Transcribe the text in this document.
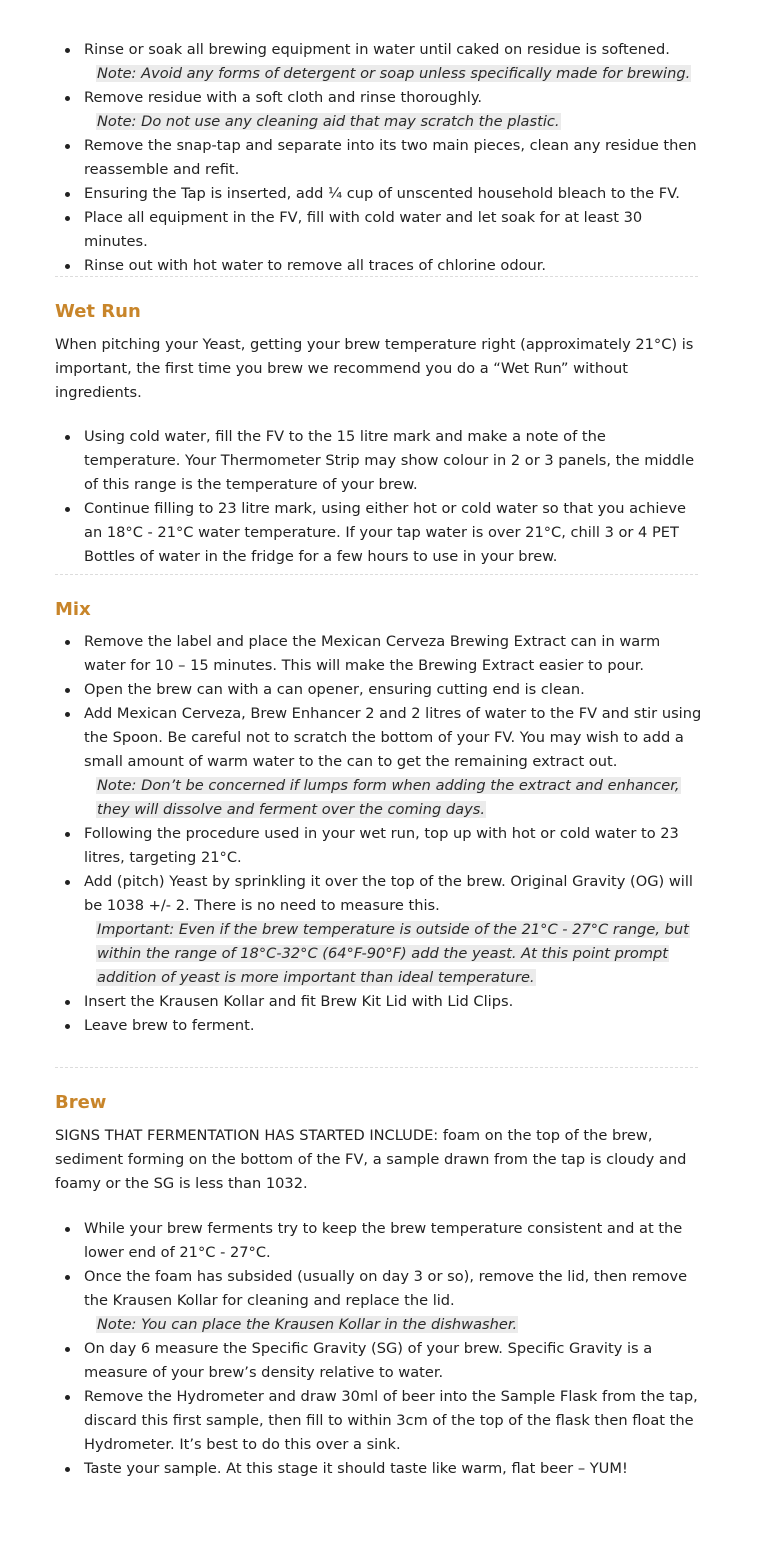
Rinse or soak all brewing equipment in water until caked on residue is softened.
Note: Avoid any forms of detergent or soap unless specifically made for brewing.
Remove residue with a soft cloth and rinse thoroughly.
Note: Do not use any cleaning aid that may scratch the plastic.
Remove the snap-tap and separate into its two main pieces, clean any residue then reassemble and refit.
Ensuring the Tap is inserted, add ¼ cup of unscented household bleach to the FV.
Place all equipment in the FV, fill with cold water and let soak for at least 30 minutes.
Rinse out with hot water to remove all traces of chlorine odour.
Wet Run

When pitching your Yeast, getting your brew temperature right (approximately 21°C) is important, the first time you brew we recommend you do a “Wet Run” without ingredients.

Using cold water, fill the FV to the 15 litre mark and make a note of the temperature. Your Thermometer Strip may show colour in 2 or 3 panels, the middle of this range is the temperature of your brew.
Continue filling to 23 litre mark, using either hot or cold water so that you achieve an 18°C - 21°C water temperature. If your tap water is over 21°C, chill 3 or 4 PET Bottles of water in the fridge for a few hours to use in your brew.
Mix
Remove the label and place the Mexican Cerveza Brewing Extract can in warm water for 10 – 15 minutes. This will make the Brewing Extract easier to pour.
Open the brew can with a can opener, ensuring cutting end is clean.
Add Mexican Cerveza, Brew Enhancer 2 and 2 litres of water to the FV and stir using the Spoon. Be careful not to scratch the bottom of your FV. You may wish to add a small amount of warm water to the can to get the remaining extract out.
Note: Don’t be concerned if lumps form when adding the extract and enhancer, they will dissolve and ferment over the coming days.
Following the procedure used in your wet run, top up with hot or cold water to 23 litres, targeting 21°C.
Add (pitch) Yeast by sprinkling it over the top of the brew. Original Gravity (OG) will be 1038 +/- 2. There is no need to measure this.
Important: Even if the brew temperature is outside of the 21°C - 27°C range, but within the range of 18°C-32°C (64°F-90°F) add the yeast. At this point prompt addition of yeast is more important than ideal temperature.
Insert the Krausen Kollar and fit Brew Kit Lid with Lid Clips.
Leave brew to ferment.
Brew

SIGNS THAT FERMENTATION HAS STARTED INCLUDE: foam on the top of the brew, sediment forming on the bottom of the FV, a sample drawn from the tap is cloudy and foamy or the SG is less than 1032.

While your brew ferments try to keep the brew temperature consistent and at the lower end of 21°C - 27°C.
Once the foam has subsided (usually on day 3 or so), remove the lid, then remove the Krausen Kollar for cleaning and replace the lid.
Note: You can place the Krausen Kollar in the dishwasher.
On day 6 measure the Specific Gravity (SG) of your brew. Specific Gravity is a measure of your brew’s density relative to water.
Remove the Hydrometer and draw 30ml of beer into the Sample Flask from the tap, discard this first sample, then fill to within 3cm of the top of the flask then float the Hydrometer. It’s best to do this over a sink.
Taste your sample. At this stage it should taste like warm, flat beer – YUM!
